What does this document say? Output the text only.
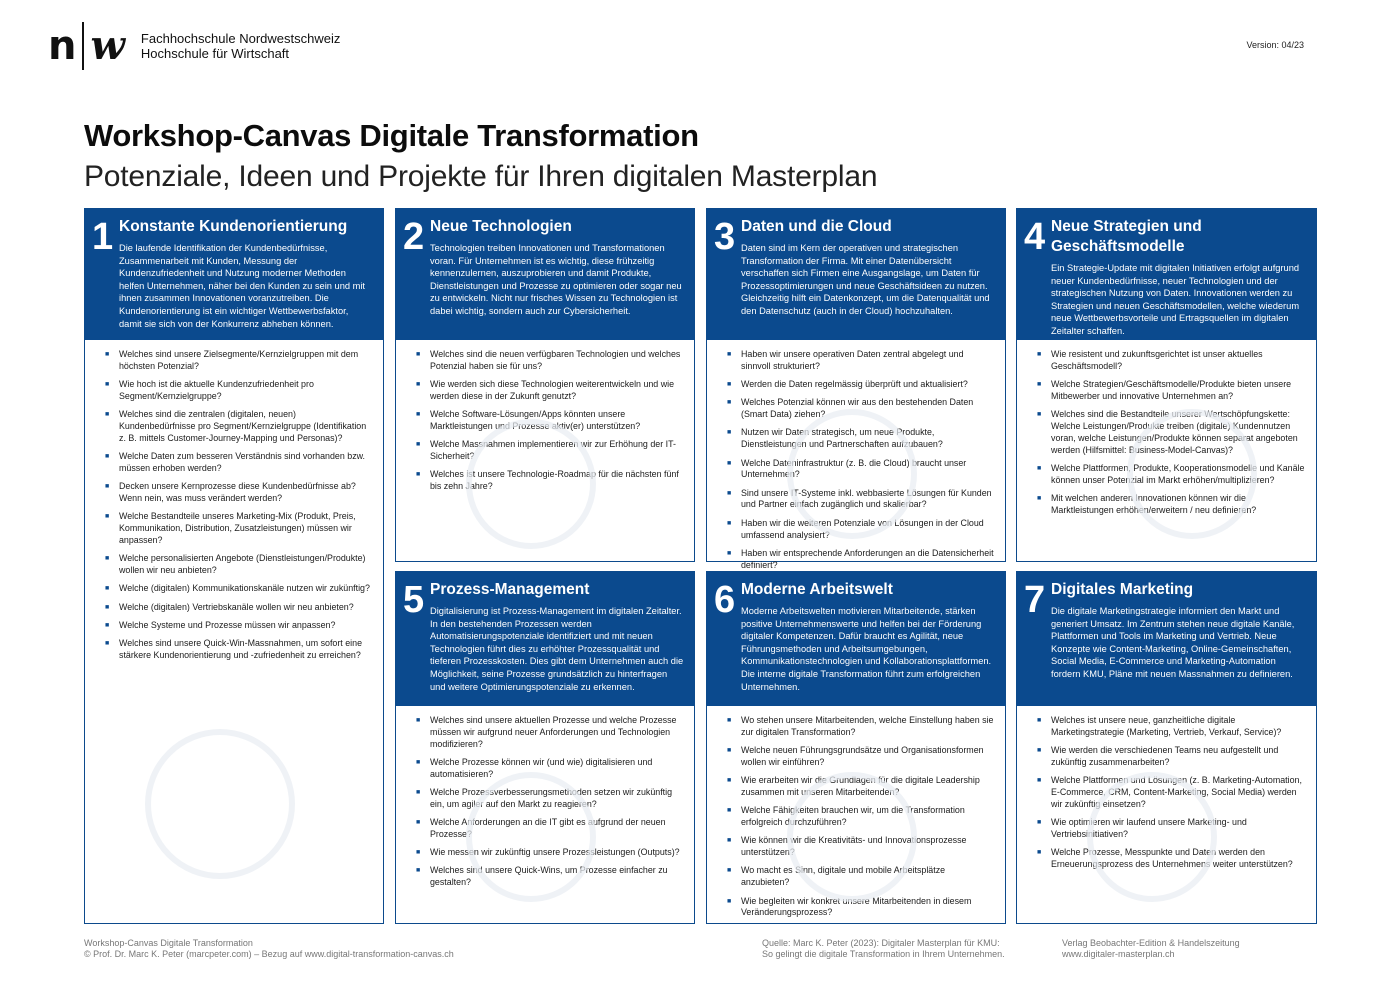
n w Fachhochschule Nordwestschweiz
Hochschule für Wirtschaft
Version: 04/23
Workshop-Canvas Digitale Transformation
Potenziale, Ideen und Projekte für Ihren digitalen Masterplan
1 Konstante Kundenorientierung
Die laufende Identifikation der Kundenbedürfnisse, Zusammenarbeit mit Kunden, Messung der Kundenzufriedenheit und Nutzung moderner Methoden helfen Unternehmen, näher bei den Kunden zu sein und mit ihnen zusammen Innovationen voranzutreiben. Die Kundenorientierung ist ein wichtiger Wettbewerbsfaktor, damit sie sich von der Konkurrenz abheben können.
■	Welches sind unsere Zielsegmente/Kernzielgruppen mit dem höchsten Potenzial?
■	Wie hoch ist die aktuelle Kundenzufriedenheit pro Segment/Kernzielgruppe?
■	Welches sind die zentralen (digitalen, neuen) Kundenbedürfnisse pro Segment/Kernzielgruppe (Identifikation z. B. mittels Customer-Journey-Mapping und Personas)?
■	Welche Daten zum besseren Verständnis sind vorhanden bzw. müssen erhoben werden?
■	Decken unsere Kernprozesse diese Kundenbedürfnisse ab? Wenn nein, was muss verändert werden?
■	Welche Bestandteile unseres Marketing-Mix (Produkt, Preis, Kommunikation, Distribution, Zusatzleistungen) müssen wir anpassen?
■	Welche personalisierten Angebote (Dienstleistungen/Produkte) wollen wir neu anbieten?
■	Welche (digitalen) Kommunikationskanäle nutzen wir zukünftig?
■	Welche (digitalen) Vertriebskanäle wollen wir neu anbieten?
■	Welche Systeme und Prozesse müssen wir anpassen?
■	Welches sind unsere Quick-Win-Massnahmen, um sofort eine stärkere Kundenorientierung und -zufriedenheit zu erreichen?
2 Neue Technologien
Technologien treiben Innovationen und Transformationen voran. Für Unternehmen ist es wichtig, diese frühzeitig kennenzulernen, auszuprobieren und damit Produkte, Dienstleistungen und Prozesse zu optimieren oder sogar neu zu entwickeln. Nicht nur frisches Wissen zu Technologien ist dabei wichtig, sondern auch zur Cybersicherheit.
■	Welches sind die neuen verfügbaren Technologien und welches Potenzial haben sie für uns?
■	Wie werden sich diese Technologien weiterentwickeln und wie werden diese in der Zukunft genutzt?
■	Welche Software-Lösungen/Apps könnten unsere Marktleistungen und Prozesse aktiv(er) unterstützen?
■	Welche Massnahmen implementieren wir zur Erhöhung der IT-Sicherheit?
■	Welches ist unsere Technologie-Roadmap für die nächsten fünf bis zehn Jahre?
3 Daten und die Cloud
Daten sind im Kern der operativen und strategischen Transformation der Firma. Mit einer Datenübersicht verschaffen sich Firmen eine Ausgangslage, um Daten für Prozessoptimierungen und neue Geschäftsideen zu nutzen. Gleichzeitig hilft ein Datenkonzept, um die Datenqualität und den Datenschutz (auch in der Cloud) hochzuhalten.
■	Haben wir unsere operativen Daten zentral abgelegt und sinnvoll strukturiert?
■	Werden die Daten regelmässig überprüft und aktualisiert?
■	Welches Potenzial können wir aus den bestehenden Daten (Smart Data) ziehen?
■	Nutzen wir Daten strategisch, um neue Produkte, Dienstleistungen und Partnerschaften aufzubauen?
■	Welche Dateninfrastruktur (z. B. die Cloud) braucht unser Unternehmen?
■	Sind unsere IT-Systeme inkl. webbasierte Lösungen für Kunden und Partner einfach zugänglich und skalierbar?
■	Haben wir die weiteren Potenziale von Lösungen in der Cloud umfassend analysiert?
■	Haben wir entsprechende Anforderungen an die Datensicherheit definiert?
4 Neue Strategien und Geschäftsmodelle
Ein Strategie-Update mit digitalen Initiativen erfolgt aufgrund neuer Kundenbedürfnisse, neuer Technologien und der strategischen Nutzung von Daten. Innovationen werden zu Strategien und neuen Geschäftsmodellen, welche wiederum neue Wettbewerbsvorteile und Ertragsquellen im digitalen Zeitalter schaffen.
■	Wie resistent und zukunftsgerichtet ist unser aktuelles Geschäftsmodell?
■	Welche Strategien/Geschäftsmodelle/Produkte bieten unsere Mitbewerber und innovative Unternehmen an?
■	Welches sind die Bestandteile unserer Wertschöpfungskette: Welche Leistungen/Produkte treiben (digitale) Kundennutzen voran, welche Leistungen/Produkte können separat angeboten werden (Hilfsmittel: Business-Model-Canvas)?
■	Welche Plattformen, Produkte, Kooperationsmodelle und Kanäle können unser Potenzial im Markt erhöhen/multiplizieren?
■	Mit welchen anderen Innovationen können wir die Marktleistungen erhöhen/erweitern / neu definieren?
5 Prozess-Management
Digitalisierung ist Prozess-Management im digitalen Zeitalter. In den bestehenden Prozessen werden Automatisierungspotenziale identifiziert und mit neuen Technologien führt dies zu erhöhter Prozessqualität und tieferen Prozesskosten. Dies gibt dem Unternehmen auch die Möglichkeit, seine Prozesse grundsätzlich zu hinterfragen und weitere Optimierungspotenziale zu erkennen.
■	Welches sind unsere aktuellen Prozesse und welche Prozesse müssen wir aufgrund neuer Anforderungen und Technologien modifizieren?
■	Welche Prozesse können wir (und wie) digitalisieren und automatisieren?
■	Welche Prozessverbesserungsmethoden setzen wir zukünftig ein, um agiler auf den Markt zu reagieren?
■	Welche Anforderungen an die IT gibt es aufgrund der neuen Prozesse?
■	Wie messen wir zukünftig unsere Prozessleistungen (Outputs)?
■	Welches sind unsere Quick-Wins, um Prozesse einfacher zu gestalten?
6 Moderne Arbeitswelt
Moderne Arbeitswelten motivieren Mitarbeitende, stärken positive Unternehmenswerte und helfen bei der Förderung digitaler Kompetenzen. Dafür braucht es Agilität, neue Führungsmethoden und Arbeitsumgebungen, Kommunikationstechnologien und Kollaborationsplattformen. Die interne digitale Transformation führt zum erfolgreichen Unternehmen.
■	Wo stehen unsere Mitarbeitenden, welche Einstellung haben sie zur digitalen Transformation?
■	Welche neuen Führungsgrundsätze und Organisationsformen wollen wir einführen?
■	Wie erarbeiten wir die Grundlagen für die digitale Leadership zusammen mit unseren Mitarbeitenden?
■	Welche Fähigkeiten brauchen wir, um die Transformation erfolgreich durchzuführen?
■	Wie können wir die Kreativitäts- und Innovationsprozesse unterstützen?
■	Wo macht es Sinn, digitale und mobile Arbeitsplätze anzubieten?
■	Wie begleiten wir konkret unsere Mitarbeitenden in diesem Veränderungsprozess?
7 Digitales Marketing
Die digitale Marketingstrategie informiert den Markt und generiert Umsatz. Im Zentrum stehen neue digitale Kanäle, Plattformen und Tools im Marketing und Vertrieb. Neue Konzepte wie Content-Marketing, Online-Gemeinschaften, Social Media, E-Commerce und Marketing-Automation fordern KMU, Pläne mit neuen Massnahmen zu definieren.
■	Welches ist unsere neue, ganzheitliche digitale Marketingstrategie (Marketing, Vertrieb, Verkauf, Service)?
■	Wie werden die verschiedenen Teams neu aufgestellt und zukünftig zusammenarbeiten?
■	Welche Plattformen und Lösungen (z. B. Marketing-Automation, E-Commerce, CRM, Content-Marketing, Social Media) werden wir zukünftig einsetzen?
■	Wie optimieren wir laufend unsere Marketing- und Vertriebsinitiativen?
■	Welche Prozesse, Messpunkte und Daten werden den Erneuerungsprozess des Unternehmens weiter unterstützen?
Workshop-Canvas Digitale Transformation
© Prof. Dr. Marc K. Peter (marcpeter.com) – Bezug auf www.digital-transformation-canvas.ch
Quelle: Marc K. Peter (2023): Digitaler Masterplan für KMU:
So gelingt die digitale Transformation in Ihrem Unternehmen.
Verlag Beobachter-Edition & Handelszeitung
www.digitaler-masterplan.ch
